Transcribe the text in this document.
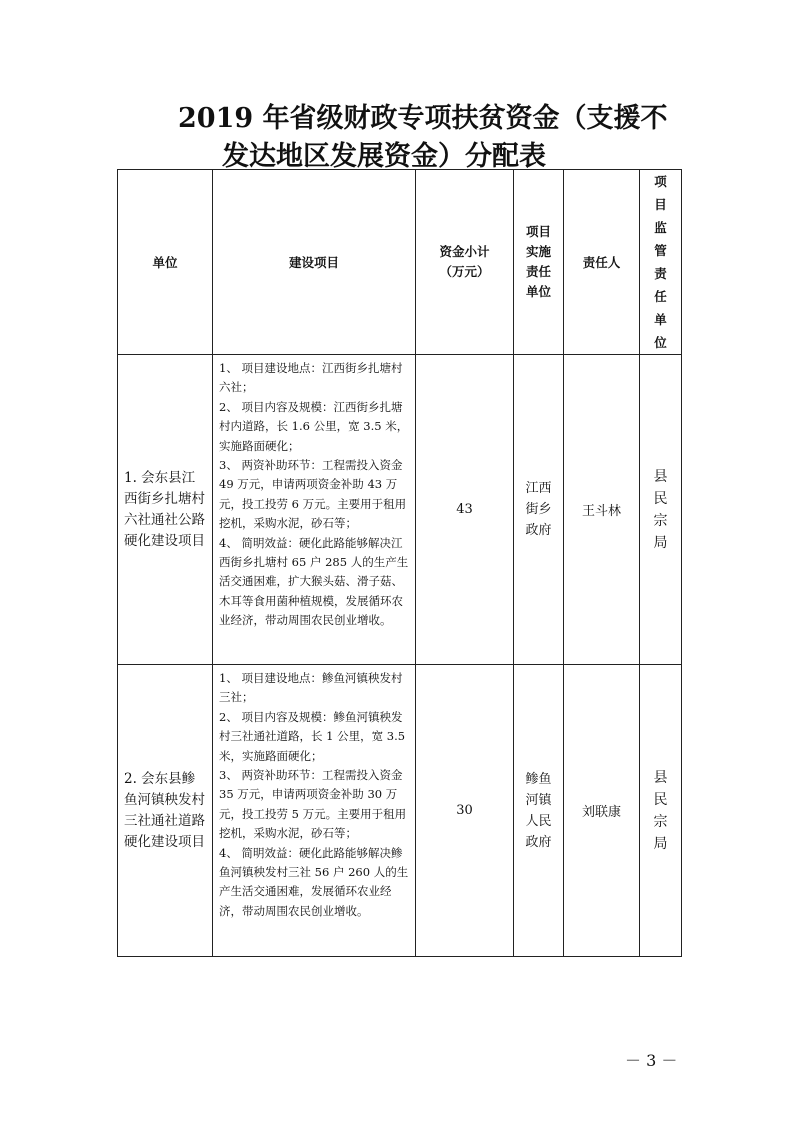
2019 年省级财政专项扶贫资金（支援不
发达地区发展资金）分配表
单位	建设项目	资金小计（万元）	项目实施责任单位	责任人	项目监管责任单位
1. 会东县江西街乡扎塘村六社通社公路硬化建设项目	1、 项目建设地点：江西街乡扎塘村六社；
2、 项目内容及规模：江西街乡扎塘村内道路，长 1.6 公里，宽 3.5 米，实施路面硬化；
3、 两资补助环节：工程需投入资金 49 万元，申请两项资金补助 43 万元，投工投劳 6 万元。主要用于租用挖机，采购水泥，砂石等；
4、 简明效益：硬化此路能够解决江西街乡扎塘村 65 户 285 人的生产生活交通困难，扩大猴头菇、滑子菇、木耳等食用菌种植规模，发展循环农业经济，带动周围农民创业增收。	43	江西街乡政府	王斗林	县民宗局
2. 会东县鲹鱼河镇秧发村三社通社道路硬化建设项目	1、 项目建设地点：鲹鱼河镇秧发村三社；
2、 项目内容及规模：鲹鱼河镇秧发村三社通社道路，长 1 公里，宽 3.5 米，实施路面硬化；
3、 两资补助环节：工程需投入资金 35 万元，申请两项资金补助 30 万元，投工投劳 5 万元。主要用于租用挖机，采购水泥，砂石等；
4、 简明效益：硬化此路能够解决鲹鱼河镇秧发村三社 56 户 260 人的生产生活交通困难，发展循环农业经济，带动周围农民创业增收。	30	鲹鱼河镇人民政府	刘联康	县民宗局
－ 3 －
